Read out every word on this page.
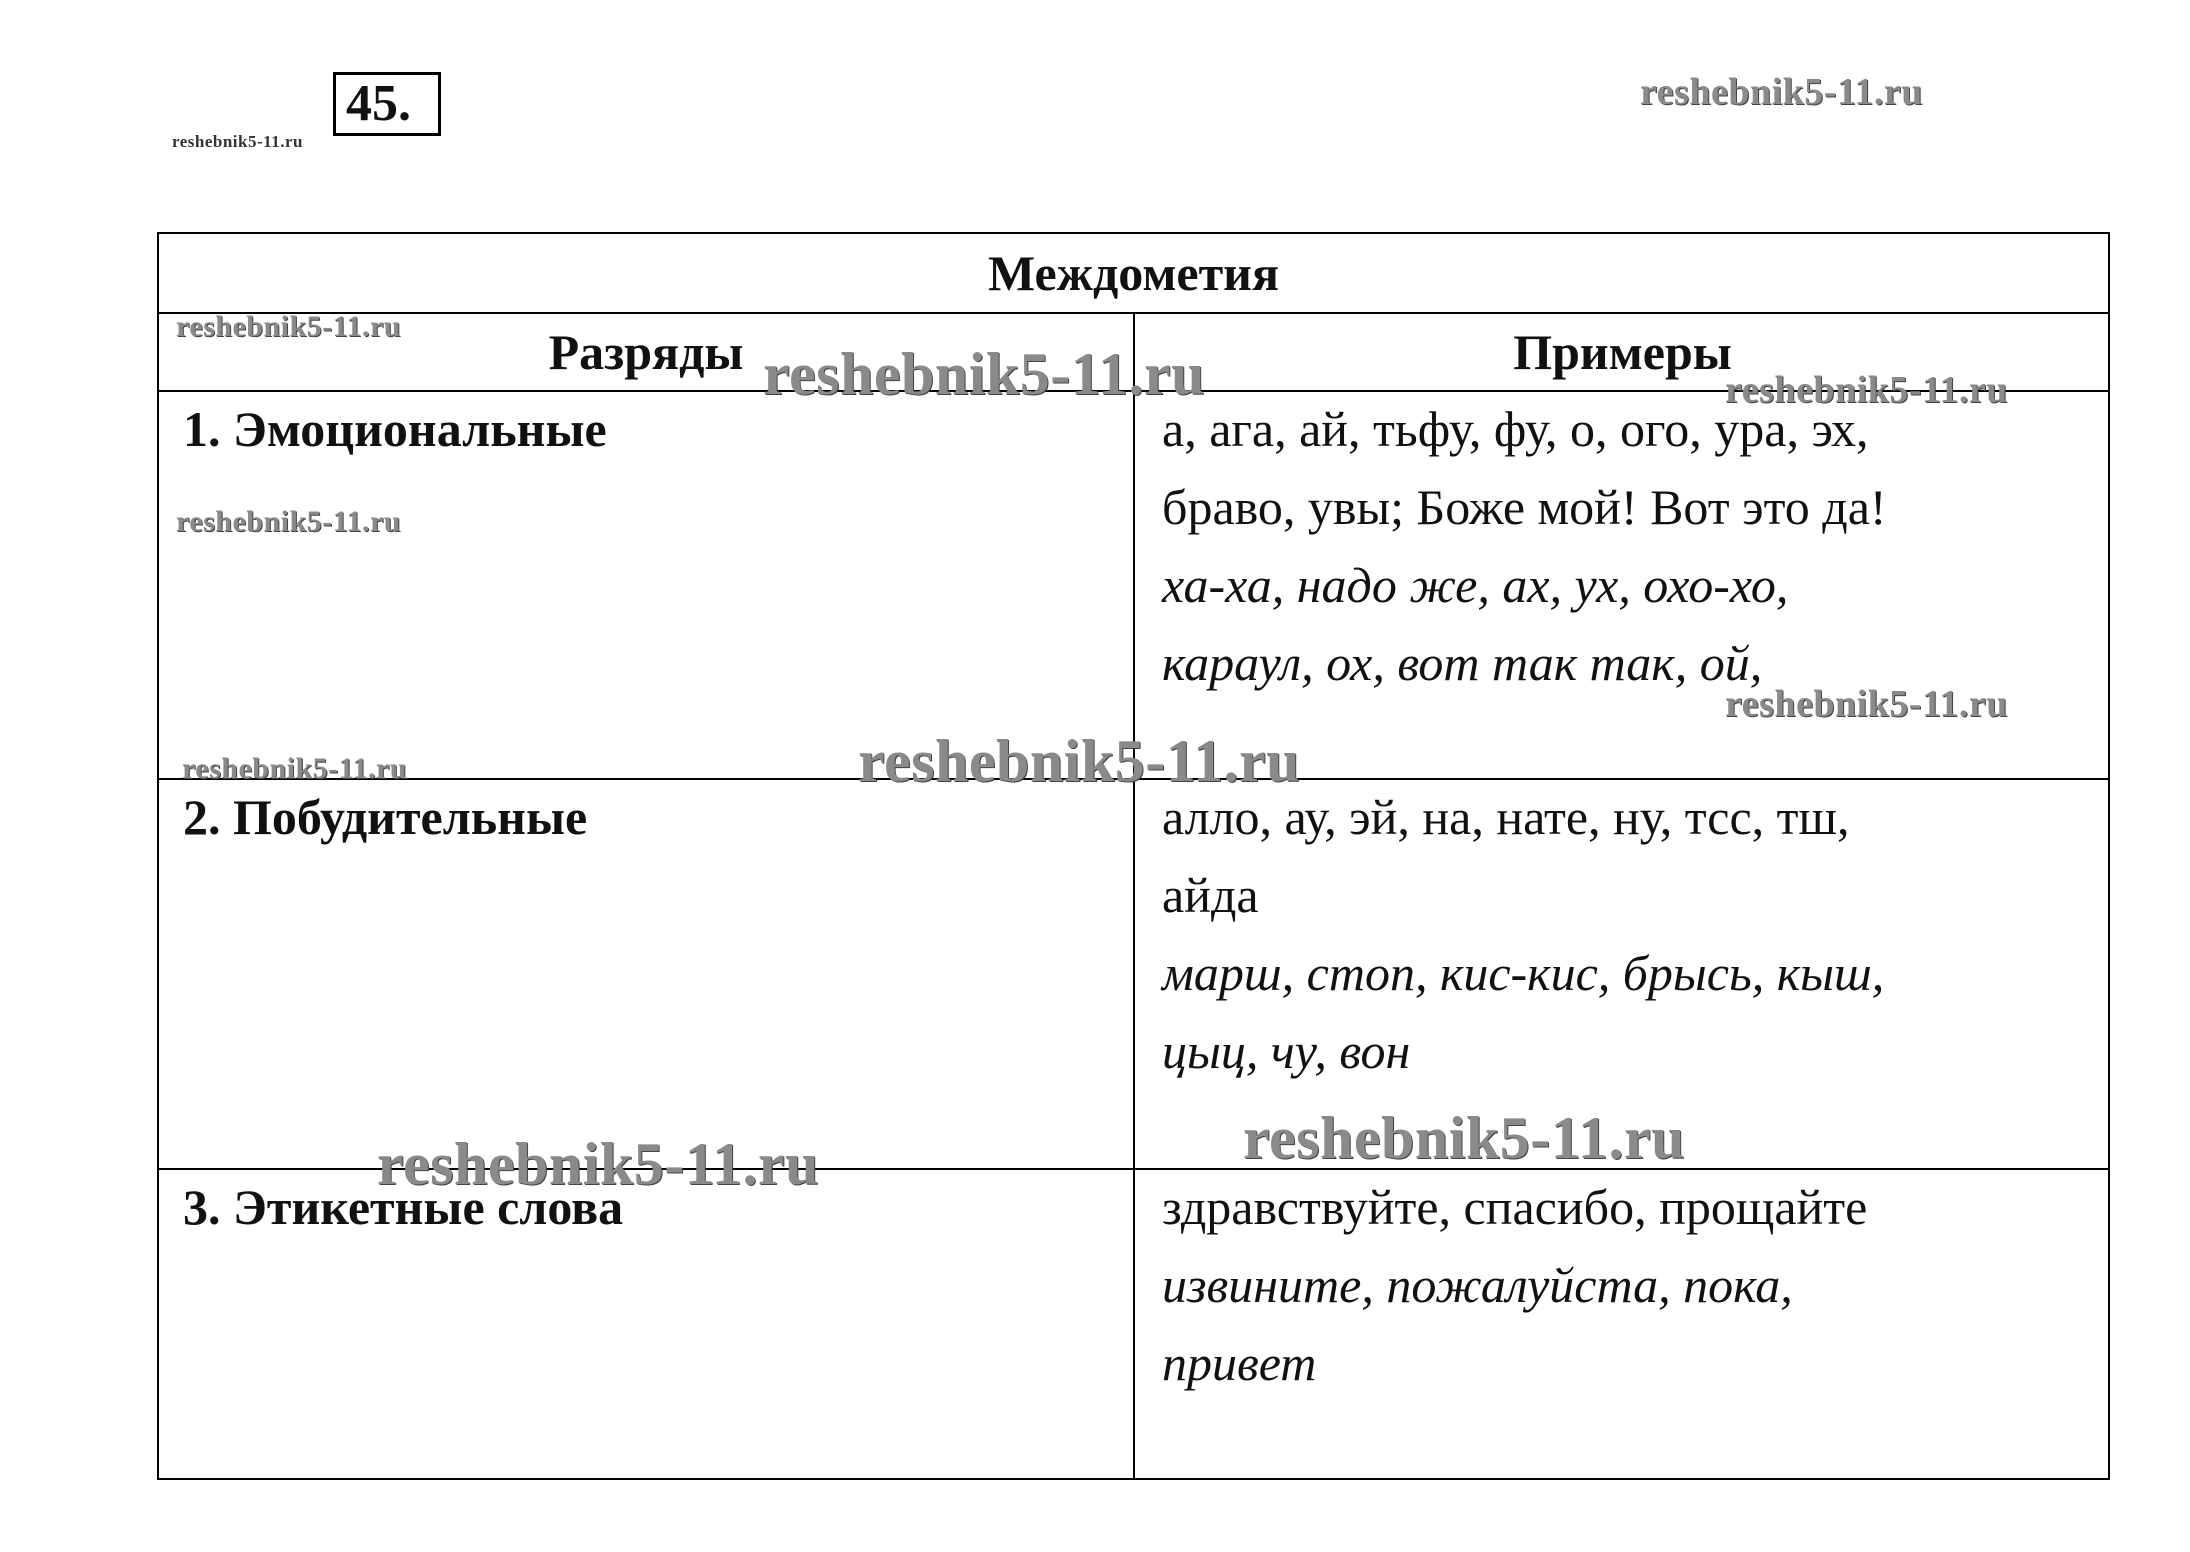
45.
reshebnik5-11.ru
reshebnik5-11.ru
Междометия
Разряды	Примеры
1. Эмоциональные	а, ага, ай, тьфу, фу, о, ого, ура, эх,
браво, увы; Боже мой! Вот это да!
ха-ха, надо же, ах, ух, охо-хо,
караул, ох, вот так так, ой,
2. Побудительные	алло, ау, эй, на, нате, ну, тсс, тш,
айда
марш, стоп, кис-кис, брысь, кыш,
цыц, чу, вон
3. Этикетные слова	здравствуйте, спасибо, прощайте
извините, пожалуйста, пока,
привет
reshebnik5-11.ru
reshebnik5-11.ru
reshebnik5-11.ru
reshebnik5-11.ru
reshebnik5-11.ru
reshebnik5-11.ru	reshebnik5-11.ru
reshebnik5-11.ru
reshebnik5-11.ru
